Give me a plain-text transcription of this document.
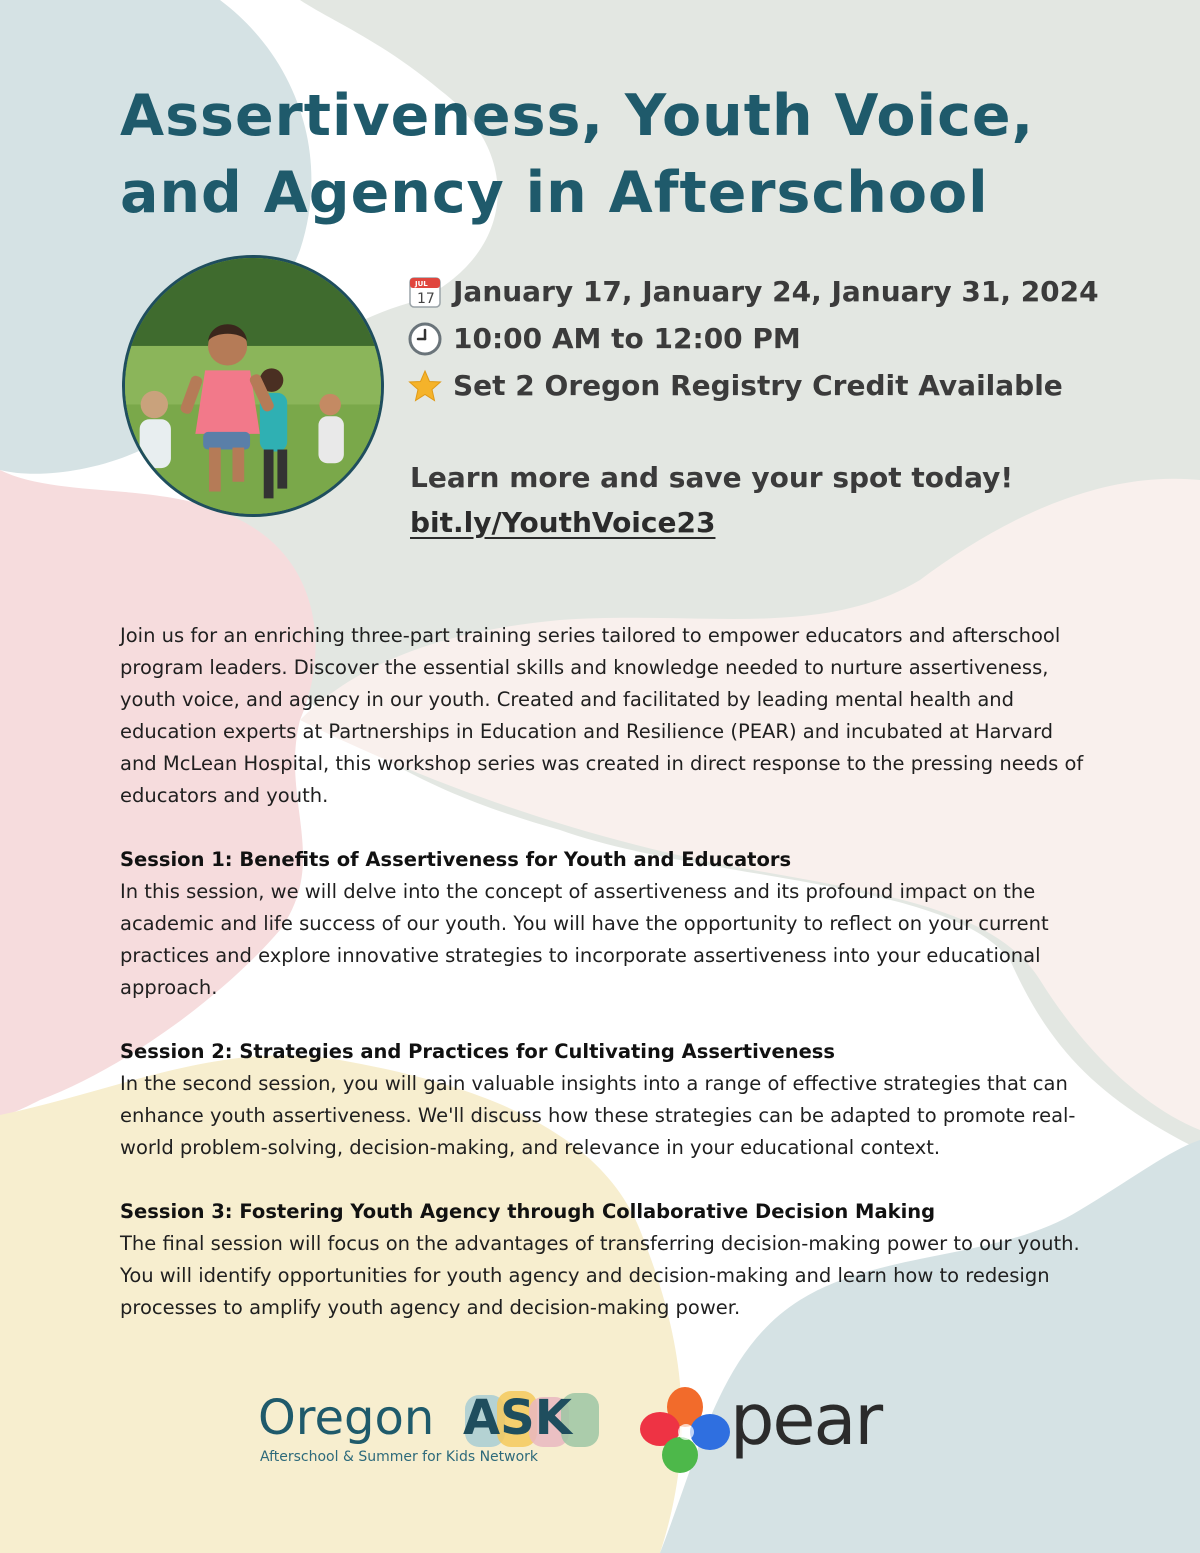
Assertiveness, Youth Voice, and Agency in Afterschool
JUL
17 January 17, January 24, January 31, 2024
10:00 AM to 12:00 PM
Set 2 Oregon Registry Credit Available
Learn more and save your spot today!
bit.ly/YouthVoice23

Join us for an enriching three-part training series tailored to empower educators and afterschool program leaders. Discover the essential skills and knowledge needed to nurture assertiveness, youth voice, and agency in our youth. Created and facilitated by leading mental health and education experts at Partnerships in Education and Resilience (PEAR) and incubated at Harvard and McLean Hospital, this workshop series was created in direct response to the pressing needs of educators and youth.

Session 1: Benefits of Assertiveness for Youth and Educators

In this session, we will delve into the concept of assertiveness and its profound impact on the academic and life success of our youth. You will have the opportunity to reflect on your current practices and explore innovative strategies to incorporate assertiveness into your educational approach.

Session 2: Strategies and Practices for Cultivating Assertiveness

In the second session, you will gain valuable insights into a range of effective strategies that can enhance youth assertiveness. We'll discuss how these strategies can be adapted to promote real-world problem-solving, decision-making, and relevance in your educational context.

Session 3: Fostering Youth Agency through Collaborative Decision Making

The final session will focus on the advantages of transferring decision-making power to our youth. You will identify opportunities for youth agency and decision-making and learn how to redesign processes to amplify youth agency and decision-making power.

Oregon ASK
Afterschool & Summer for Kids Network	pear
